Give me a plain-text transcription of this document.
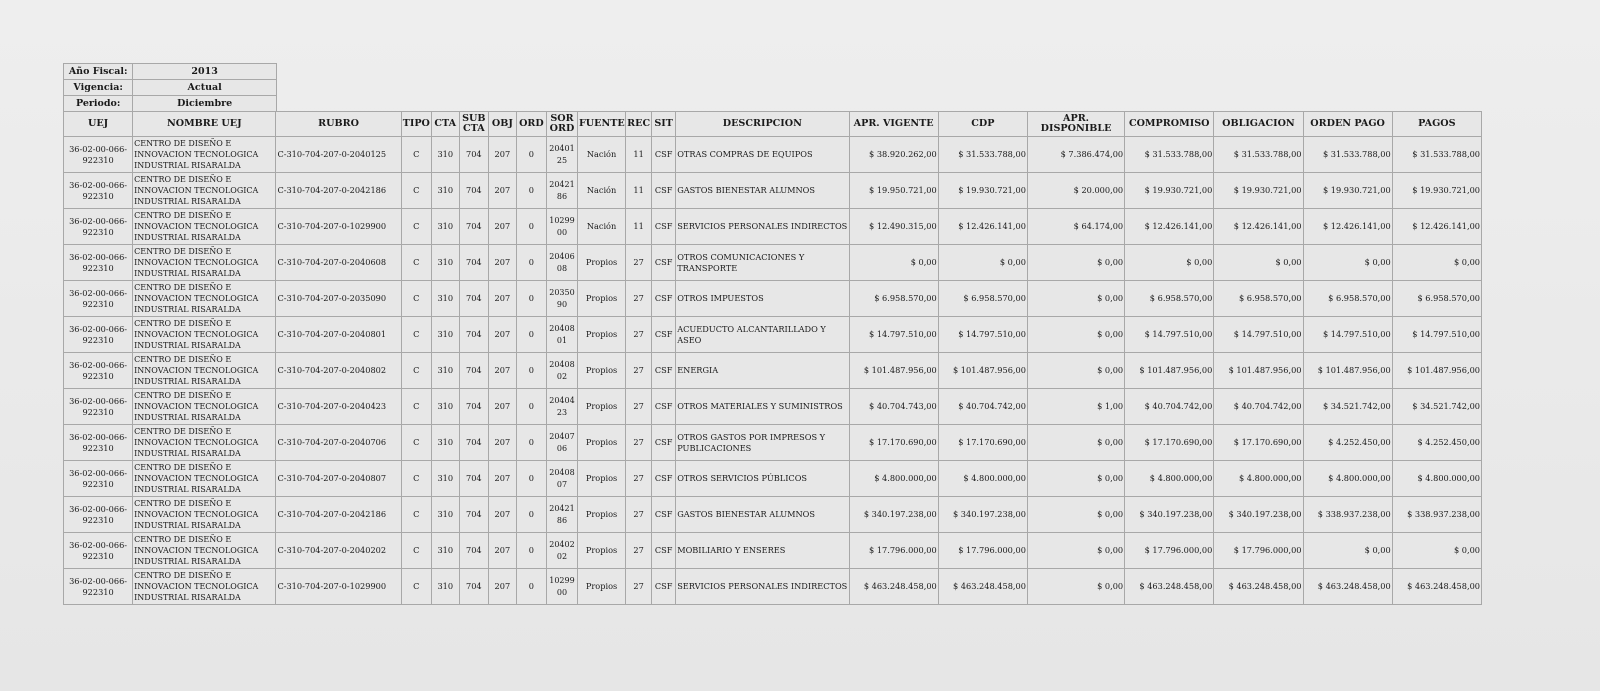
Año Fiscal:	2013
Vigencia:	Actual
Periodo:	Diciembre
UEJ	NOMBRE UEJ	RUBRO	TIPO	CTA	SUB CTA	OBJ	ORD	SOR ORD	FUENTE	REC	SIT	DESCRIPCION	APR. VIGENTE	CDP	APR. DISPONIBLE	COMPROMISO	OBLIGACION	ORDEN PAGO	PAGOS
36-02-00-066-922310	CENTRO DE DISEÑO E INNOVACION TECNOLOGICA INDUSTRIAL RISARALDA	C-310-704-207-0-2040125	C	310	704	207	0	2040125	Nación	11	CSF	OTRAS COMPRAS DE EQUIPOS	$ 38.920.262,00	$ 31.533.788,00	$ 7.386.474,00	$ 31.533.788,00	$ 31.533.788,00	$ 31.533.788,00	$ 31.533.788,00
36-02-00-066-922310	CENTRO DE DISEÑO E INNOVACION TECNOLOGICA INDUSTRIAL RISARALDA	C-310-704-207-0-2042186	C	310	704	207	0	2042186	Nación	11	CSF	GASTOS BIENESTAR ALUMNOS	$ 19.950.721,00	$ 19.930.721,00	$ 20.000,00	$ 19.930.721,00	$ 19.930.721,00	$ 19.930.721,00	$ 19.930.721,00
36-02-00-066-922310	CENTRO DE DISEÑO E INNOVACION TECNOLOGICA INDUSTRIAL RISARALDA	C-310-704-207-0-1029900	C	310	704	207	0	1029900	Nación	11	CSF	SERVICIOS PERSONALES INDIRECTOS	$ 12.490.315,00	$ 12.426.141,00	$ 64.174,00	$ 12.426.141,00	$ 12.426.141,00	$ 12.426.141,00	$ 12.426.141,00
36-02-00-066-922310	CENTRO DE DISEÑO E INNOVACION TECNOLOGICA INDUSTRIAL RISARALDA	C-310-704-207-0-2040608	C	310	704	207	0	2040608	Propios	27	CSF	OTROS COMUNICACIONES Y TRANSPORTE	$ 0,00	$ 0,00	$ 0,00	$ 0,00	$ 0,00	$ 0,00	$ 0,00
36-02-00-066-922310	CENTRO DE DISEÑO E INNOVACION TECNOLOGICA INDUSTRIAL RISARALDA	C-310-704-207-0-2035090	C	310	704	207	0	2035090	Propios	27	CSF	OTROS IMPUESTOS	$ 6.958.570,00	$ 6.958.570,00	$ 0,00	$ 6.958.570,00	$ 6.958.570,00	$ 6.958.570,00	$ 6.958.570,00
36-02-00-066-922310	CENTRO DE DISEÑO E INNOVACION TECNOLOGICA INDUSTRIAL RISARALDA	C-310-704-207-0-2040801	C	310	704	207	0	2040801	Propios	27	CSF	ACUEDUCTO ALCANTARILLADO Y ASEO	$ 14.797.510,00	$ 14.797.510,00	$ 0,00	$ 14.797.510,00	$ 14.797.510,00	$ 14.797.510,00	$ 14.797.510,00
36-02-00-066-922310	CENTRO DE DISEÑO E INNOVACION TECNOLOGICA INDUSTRIAL RISARALDA	C-310-704-207-0-2040802	C	310	704	207	0	2040802	Propios	27	CSF	ENERGIA	$ 101.487.956,00	$ 101.487.956,00	$ 0,00	$ 101.487.956,00	$ 101.487.956,00	$ 101.487.956,00	$ 101.487.956,00
36-02-00-066-922310	CENTRO DE DISEÑO E INNOVACION TECNOLOGICA INDUSTRIAL RISARALDA	C-310-704-207-0-2040423	C	310	704	207	0	2040423	Propios	27	CSF	OTROS MATERIALES Y SUMINISTROS	$ 40.704.743,00	$ 40.704.742,00	$ 1,00	$ 40.704.742,00	$ 40.704.742,00	$ 34.521.742,00	$ 34.521.742,00
36-02-00-066-922310	CENTRO DE DISEÑO E INNOVACION TECNOLOGICA INDUSTRIAL RISARALDA	C-310-704-207-0-2040706	C	310	704	207	0	2040706	Propios	27	CSF	OTROS GASTOS POR IMPRESOS Y PUBLICACIONES	$ 17.170.690,00	$ 17.170.690,00	$ 0,00	$ 17.170.690,00	$ 17.170.690,00	$ 4.252.450,00	$ 4.252.450,00
36-02-00-066-922310	CENTRO DE DISEÑO E INNOVACION TECNOLOGICA INDUSTRIAL RISARALDA	C-310-704-207-0-2040807	C	310	704	207	0	2040807	Propios	27	CSF	OTROS SERVICIOS PÚBLICOS	$ 4.800.000,00	$ 4.800.000,00	$ 0,00	$ 4.800.000,00	$ 4.800.000,00	$ 4.800.000,00	$ 4.800.000,00
36-02-00-066-922310	CENTRO DE DISEÑO E INNOVACION TECNOLOGICA INDUSTRIAL RISARALDA	C-310-704-207-0-2042186	C	310	704	207	0	2042186	Propios	27	CSF	GASTOS BIENESTAR ALUMNOS	$ 340.197.238,00	$ 340.197.238,00	$ 0,00	$ 340.197.238,00	$ 340.197.238,00	$ 338.937.238,00	$ 338.937.238,00
36-02-00-066-922310	CENTRO DE DISEÑO E INNOVACION TECNOLOGICA INDUSTRIAL RISARALDA	C-310-704-207-0-2040202	C	310	704	207	0	2040202	Propios	27	CSF	MOBILIARIO Y ENSERES	$ 17.796.000,00	$ 17.796.000,00	$ 0,00	$ 17.796.000,00	$ 17.796.000,00	$ 0,00	$ 0,00
36-02-00-066-922310	CENTRO DE DISEÑO E INNOVACION TECNOLOGICA INDUSTRIAL RISARALDA	C-310-704-207-0-1029900	C	310	704	207	0	1029900	Propios	27	CSF	SERVICIOS PERSONALES INDIRECTOS	$ 463.248.458,00	$ 463.248.458,00	$ 0,00	$ 463.248.458,00	$ 463.248.458,00	$ 463.248.458,00	$ 463.248.458,00
